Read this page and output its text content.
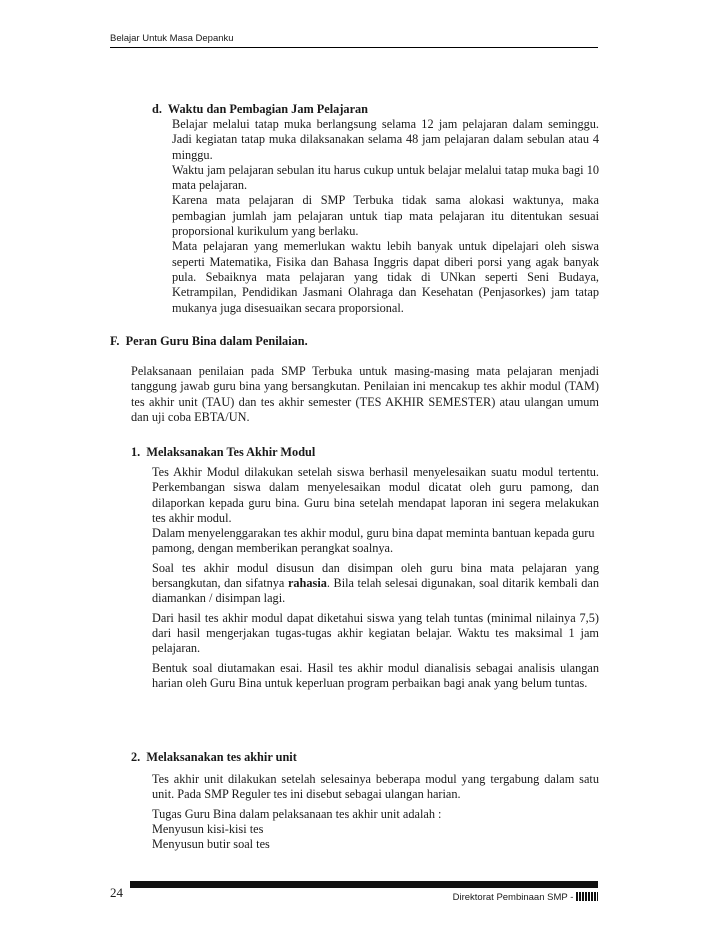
Belajar Untuk Masa Depanku
d.  Waktu dan Pembagian Jam Pelajaran

Belajar melalui tatap muka berlangsung selama 12 jam pelajaran dalam seminggu. Jadi kegiatan tatap muka dilaksanakan selama 48 jam pelajaran dalam sebulan atau 4 minggu.

Waktu jam pelajaran sebulan itu harus cukup untuk belajar melalui tatap muka bagi 10 mata pelajaran.

Karena mata pelajaran di SMP Terbuka tidak sama alokasi waktunya, maka pembagian jumlah jam pelajaran untuk tiap mata pelajaran itu ditentukan sesuai proporsional kurikulum yang berlaku.

Mata pelajaran yang memerlukan waktu lebih banyak untuk dipelajari oleh siswa seperti Matematika, Fisika dan Bahasa Inggris dapat diberi porsi yang agak banyak pula. Sebaiknya mata pelajaran yang tidak di UNkan seperti Seni Budaya, Ketrampilan, Pendidikan Jasmani Olahraga dan Kesehatan (Penjasorkes) jam tatap mukanya juga disesuaikan secara proporsional.

F.  Peran Guru Bina dalam Penilaian.
Pelaksanaan penilaian pada SMP Terbuka untuk masing-masing mata pelajaran menjadi tanggung jawab guru bina yang bersangkutan. Penilaian ini mencakup tes akhir modul (TAM) tes akhir unit (TAU) dan tes akhir semester (TES AKHIR SEMESTER) atau ulangan umum dan uji coba EBTA/UN.
1.  Melaksanakan Tes Akhir Modul

Tes Akhir Modul dilakukan setelah siswa berhasil menyelesaikan suatu modul tertentu. Perkembangan siswa dalam menyelesaikan modul dicatat oleh guru pamong, dan dilaporkan kepada guru bina. Guru bina setelah mendapat laporan ini segera melakukan tes akhir modul.

Dalam menyelenggarakan tes akhir modul, guru bina dapat meminta bantuan kepada guru pamong, dengan memberikan perangkat soalnya.

Soal tes akhir modul disusun dan disimpan oleh guru bina mata pelajaran yang bersangkutan, dan sifatnya rahasia. Bila telah selesai digunakan, soal ditarik kembali dan diamankan / disimpan lagi.

Dari hasil tes akhir modul dapat diketahui siswa yang telah tuntas (minimal nilainya 7,5) dari hasil mengerjakan tugas-tugas akhir kegiatan belajar. Waktu tes maksimal 1 jam pelajaran.

Bentuk soal diutamakan esai. Hasil tes akhir modul dianalisis sebagai analisis ulangan harian oleh Guru Bina untuk keperluan program perbaikan bagi anak yang belum tuntas.

2.  Melaksanakan tes akhir unit

Tes akhir unit dilakukan setelah selesainya beberapa modul yang tergabung dalam satu unit. Pada SMP Reguler tes ini disebut sebagai ulangan harian.

Tugas Guru Bina dalam pelaksanaan tes akhir unit adalah :

Menyusun kisi-kisi tes

Menyusun butir soal tes

24	Direktorat Pembinaan SMP -
